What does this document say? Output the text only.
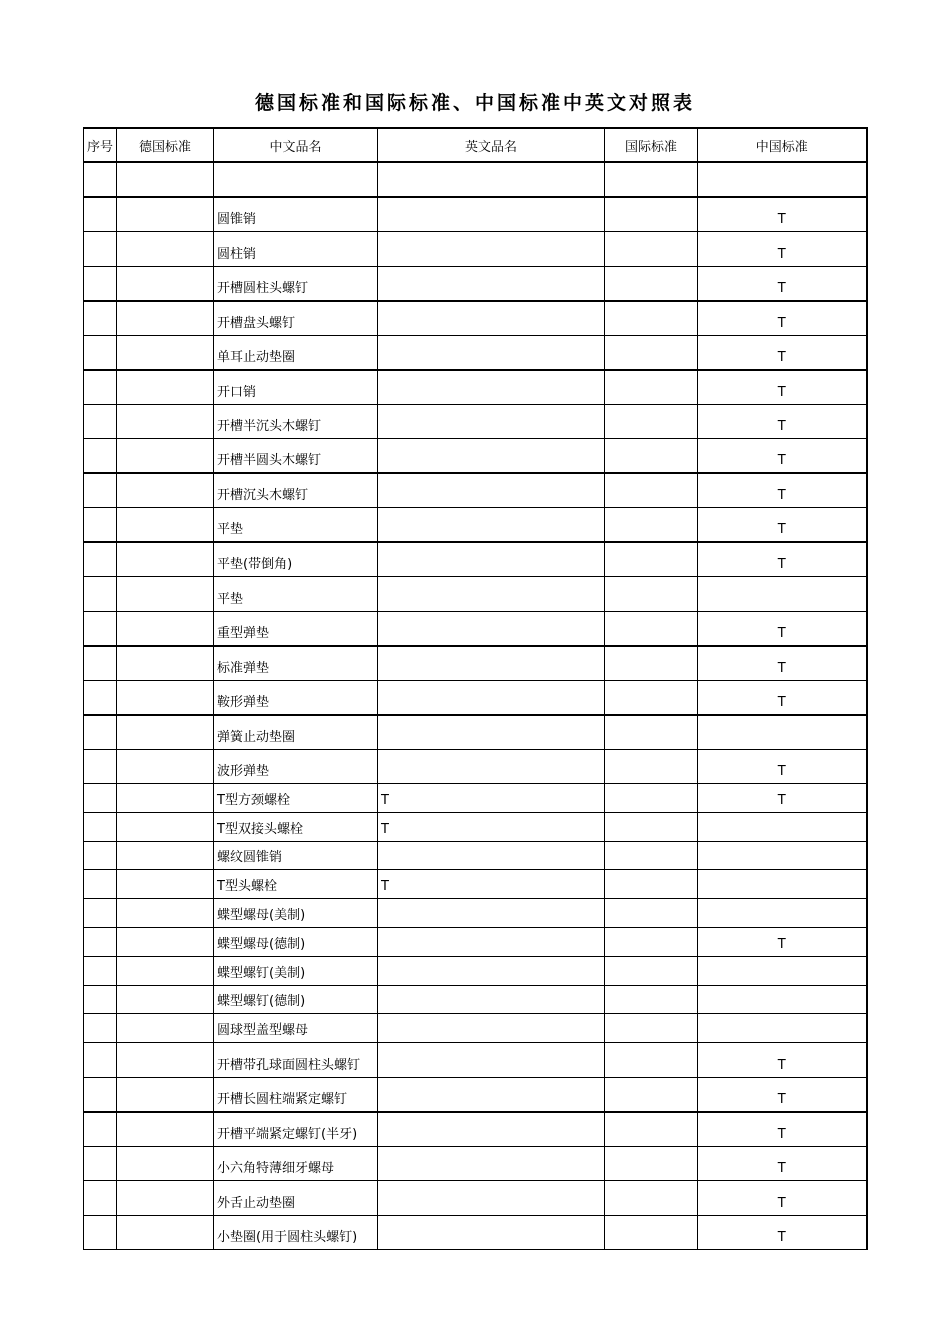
德国标准和国际标准、中国标准中英文对照表
序号	德国标准	中文品名	英文品名	国际标准	中国标准

		圆锥销			T
		圆柱销			T
		开槽圆柱头螺钉			T
		开槽盘头螺钉			T
		单耳止动垫圈			T
		开口销			T
		开槽半沉头木螺钉			T
		开槽半圆头木螺钉			T
		开槽沉头木螺钉			T
		平垫			T
		平垫(带倒角)			T
		平垫			
		重型弹垫			T
		标准弹垫			T
		鞍形弹垫			T
		弹簧止动垫圈			
		波形弹垫			T
		T型方颈螺栓	T		T
		T型双接头螺栓	T		
		螺纹圆锥销			
		T型头螺栓	T		
		蝶型螺母(美制)			
		蝶型螺母(德制)			T
		蝶型螺钉(美制)			
		蝶型螺钉(德制)			
		圆球型盖型螺母			
		开槽带孔球面圆柱头螺钉			T
		开槽长圆柱端紧定螺钉			T
		开槽平端紧定螺钉(半牙)			T
		小六角特薄细牙螺母			T
		外舌止动垫圈			T
		小垫圈(用于圆柱头螺钉)			T
